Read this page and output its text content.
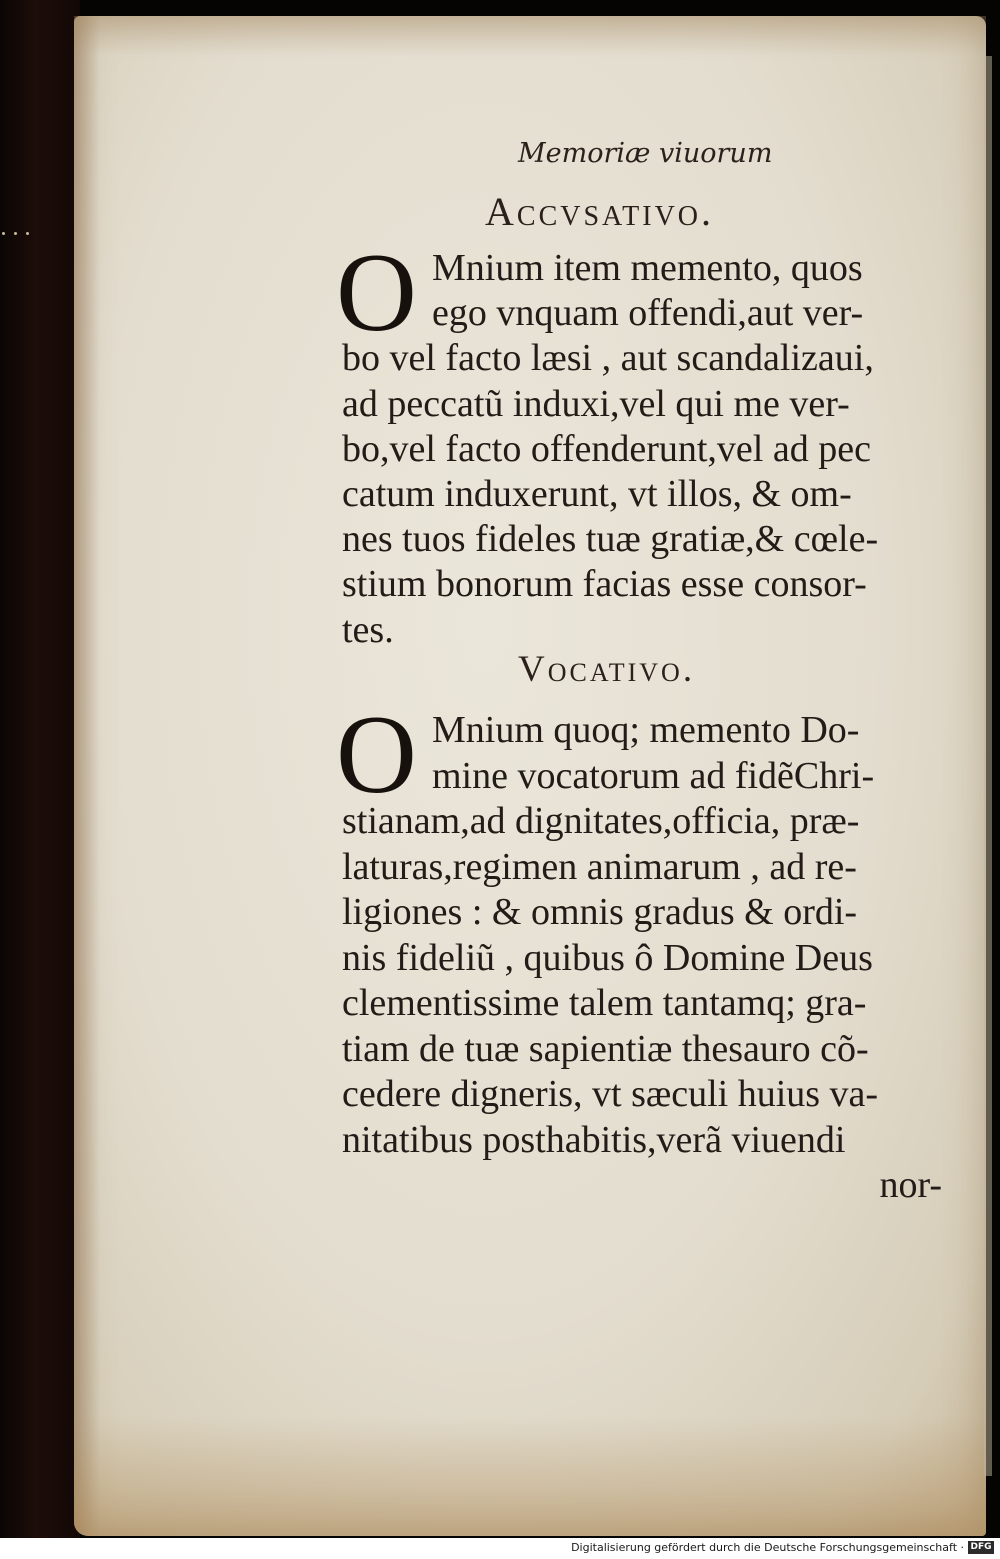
Memoriæ viuorum
Accvsativo.
O Mnium item memento, quos
ego vnquam offendi,aut ver-
bo vel facto læsi , aut scandalizaui,
ad peccatũ induxi,vel qui me ver-
bo,vel facto offenderunt,vel ad pec
catum induxerunt, vt illos, & om-
nes tuos fideles tuæ gratiæ,& cœle-
stium bonorum facias esse consor-
tes.
Vocativo.
O Mnium quoq; memento Do-
mine vocatorum ad fidẽChri-
stianam,ad dignitates,officia, præ-
laturas,regimen animarum , ad re-
ligiones : & omnis gradus & ordi-
nis fideliũ , quibus ô Domine Deus
clementissime talem tantamq; gra-
tiam de tuæ sapientiæ thesauro cõ-
cedere digneris, vt sæculi huius va-
nitatibus posthabitis,verã viuendi
nor-
Digitalisierung gefördert durch die Deutsche Forschungsgemeinschaft · DFG
